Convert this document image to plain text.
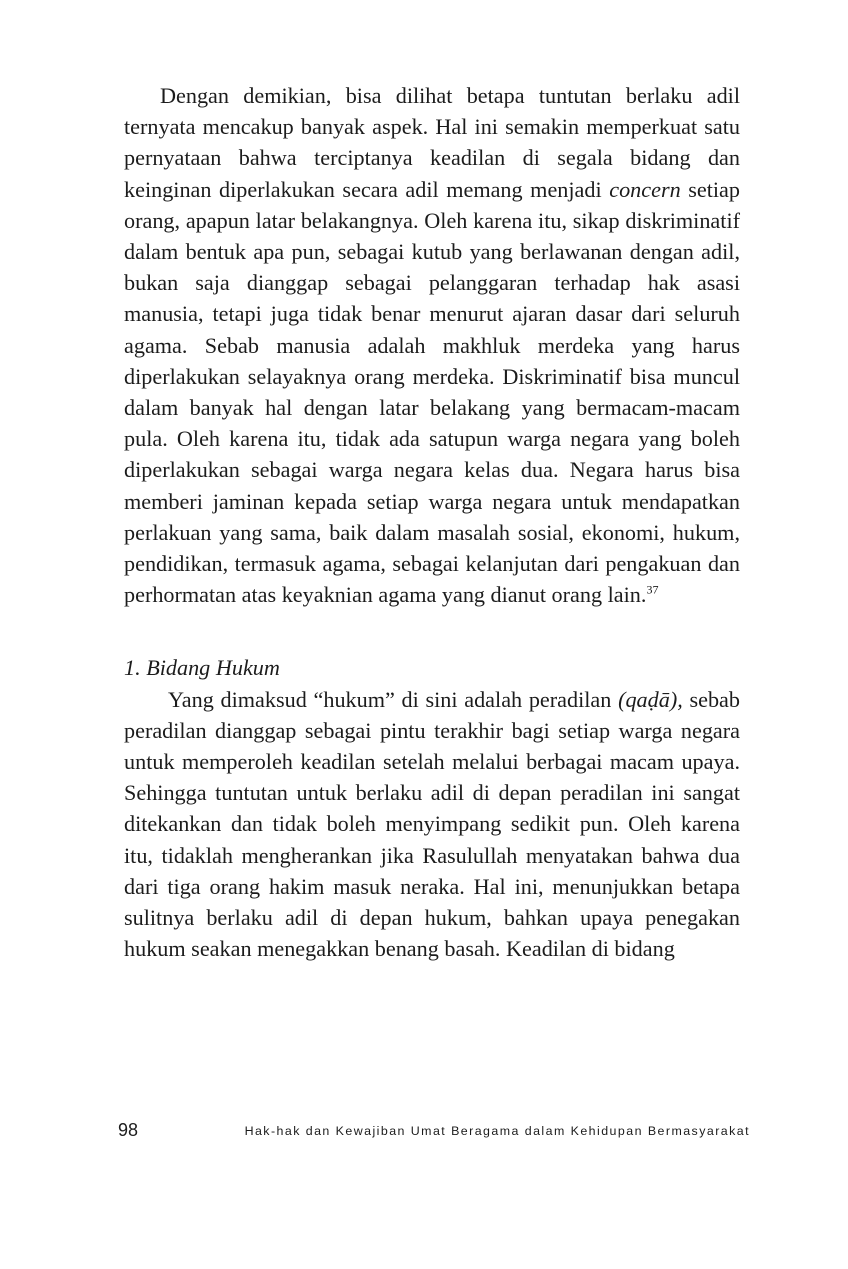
Dengan demikian, bisa dilihat betapa tuntutan berlaku adil ternyata mencakup banyak aspek. Hal ini semakin memperkuat satu pernyataan bahwa terciptanya keadilan di segala bidang dan keinginan diperlakukan secara adil memang menjadi concern setiap orang, apapun latar belakangnya. Oleh karena itu, sikap diskriminatif dalam bentuk apa pun, sebagai kutub yang berlawanan dengan adil, bukan saja dianggap sebagai pelanggaran terhadap hak asasi manusia, tetapi juga tidak benar menurut ajaran dasar dari seluruh agama. Sebab manusia adalah makhluk merdeka yang harus diperlakukan selayaknya orang merdeka. Diskriminatif bisa muncul dalam banyak hal dengan latar belakang yang bermacam-macam pula. Oleh karena itu, tidak ada satupun warga negara yang boleh diperlakukan sebagai warga negara kelas dua. Negara harus bisa memberi jaminan kepada setiap warga negara untuk mendapatkan perlakuan yang sama, baik dalam masalah sosial, ekonomi, hukum, pendidikan, termasuk agama, sebagai kelanjutan dari pengakuan dan perhormatan atas keyaknian agama yang dianut orang lain.$^{37}$

1. Bidang Hukum

Yang dimaksud “hukum” di sini adalah peradilan (qaḍā), sebab peradilan dianggap sebagai pintu terakhir bagi setiap warga negara untuk memperoleh keadilan setelah melalui berbagai macam upaya. Sehingga tuntutan untuk berlaku adil di depan peradilan ini sangat ditekankan dan tidak boleh menyimpang sedikit pun. Oleh karena itu, tidaklah mengherankan jika Rasulullah menyatakan bahwa dua dari tiga orang hakim masuk neraka. Hal ini, menunjukkan betapa sulitnya berlaku adil di depan hukum, bahkan upaya penegakan hukum seakan menegakkan benang basah. Keadilan di bidang

98	Hak-hak dan Kewajiban Umat Beragama dalam Kehidupan Bermasyarakat
